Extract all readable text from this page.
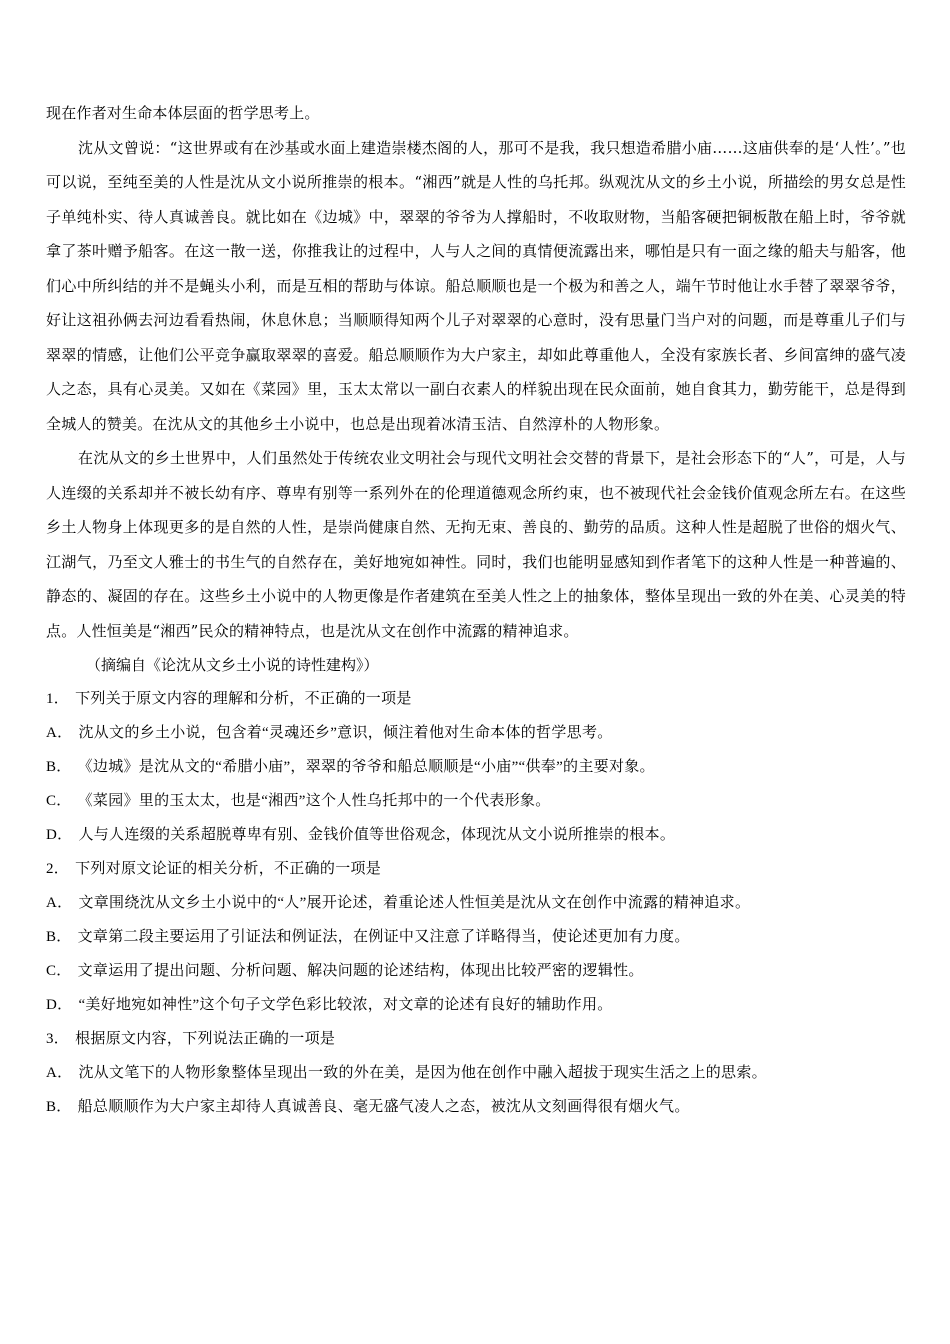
现在作者对生命本体层面的哲学思考上。

沈从文曾说：“这世界或有在沙基或水面上建造崇楼杰阁的人，那可不是我，我只想造希腊小庙……这庙供奉的是‘人性’。”也可以说，至纯至美的人性是沈从文小说所推崇的根本。“湘西”就是人性的乌托邦。纵观沈从文的乡土小说，所描绘的男女总是性子单纯朴实、待人真诚善良。就比如在《边城》中，翠翠的爷爷为人撑船时，不收取财物，当船客硬把铜板散在船上时，爷爷就拿了茶叶赠予船客。在这一散一送，你推我让的过程中，人与人之间的真情便流露出来，哪怕是只有一面之缘的船夫与船客，他们心中所纠结的并不是蝇头小利，而是互相的帮助与体谅。船总顺顺也是一个极为和善之人，端午节时他让水手替了翠翠爷爷，好让这祖孙俩去河边看看热闹，休息休息；当顺顺得知两个儿子对翠翠的心意时，没有思量门当户对的问题，而是尊重儿子们与翠翠的情感，让他们公平竞争赢取翠翠的喜爱。船总顺顺作为大户家主，却如此尊重他人，全没有家族长者、乡间富绅的盛气凌人之态，具有心灵美。又如在《菜园》里，玉太太常以一副白衣素人的样貌出现在民众面前，她自食其力，勤劳能干，总是得到全城人的赞美。在沈从文的其他乡土小说中，也总是出现着冰清玉洁、自然淳朴的人物形象。

在沈从文的乡土世界中，人们虽然处于传统农业文明社会与现代文明社会交替的背景下，是社会形态下的“人”，可是，人与人连缀的关系却并不被长幼有序、尊卑有别等一系列外在的伦理道德观念所约束，也不被现代社会金钱价值观念所左右。在这些乡土人物身上体现更多的是自然的人性，是崇尚健康自然、无拘无束、善良的、勤劳的品质。这种人性是超脱了世俗的烟火气、江湖气，乃至文人雅士的书生气的自然存在，美好地宛如神性。同时，我们也能明显感知到作者笔下的这种人性是一种普遍的、静态的、凝固的存在。这些乡土小说中的人物更像是作者建筑在至美人性之上的抽象体，整体呈现出一致的外在美、心灵美的特点。人性恒美是“湘西”民众的精神特点，也是沈从文在创作中流露的精神追求。

（摘编自《论沈从文乡土小说的诗性建构》）

1． 下列关于原文内容的理解和分析，不正确的一项是

A． 沈从文的乡土小说，包含着“灵魂还乡”意识，倾注着他对生命本体的哲学思考。

B． 《边城》是沈从文的“希腊小庙”，翠翠的爷爷和船总顺顺是“小庙”“供奉”的主要对象。

C． 《菜园》里的玉太太，也是“湘西”这个人性乌托邦中的一个代表形象。

D． 人与人连缀的关系超脱尊卑有别、金钱价值等世俗观念，体现沈从文小说所推崇的根本。

2． 下列对原文论证的相关分析，不正确的一项是

A． 文章围绕沈从文乡土小说中的“人”展开论述，着重论述人性恒美是沈从文在创作中流露的精神追求。

B． 文章第二段主要运用了引证法和例证法，在例证中又注意了详略得当，使论述更加有力度。

C． 文章运用了提出问题、分析问题、解决问题的论述结构，体现出比较严密的逻辑性。

D． “美好地宛如神性”这个句子文学色彩比较浓，对文章的论述有良好的辅助作用。

3． 根据原文内容，下列说法正确的一项是

A． 沈从文笔下的人物形象整体呈现出一致的外在美，是因为他在创作中融入超拔于现实生活之上的思索。

B． 船总顺顺作为大户家主却待人真诚善良、毫无盛气凌人之态，被沈从文刻画得很有烟火气。
